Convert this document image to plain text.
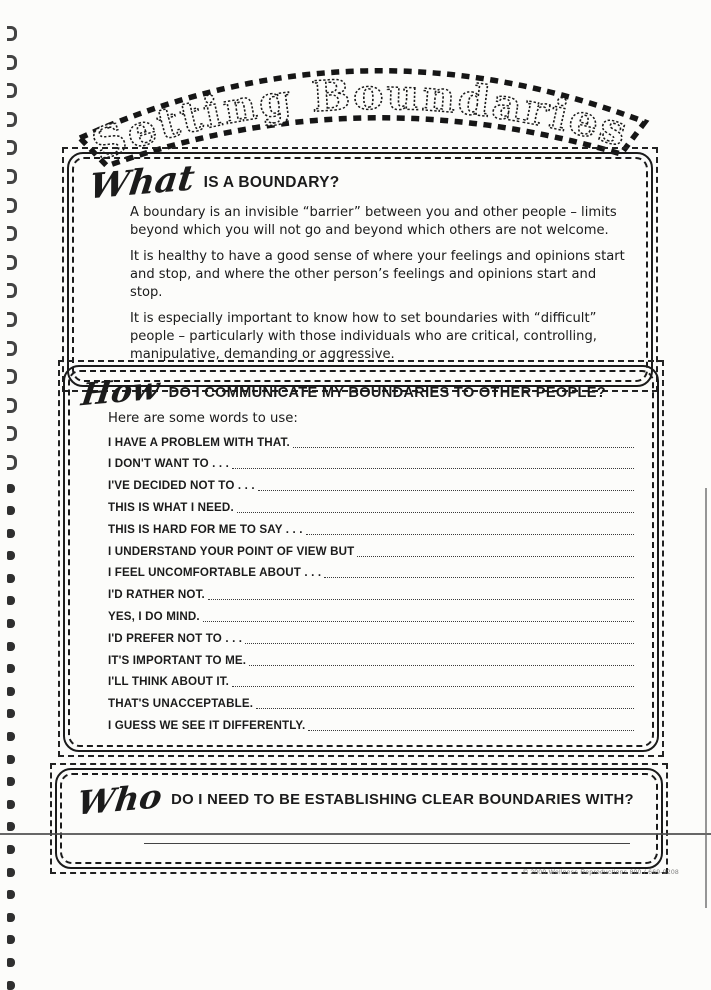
Setting Boundaries
What IS A BOUNDARY?

A boundary is an invisible “barrier” between you and other people – limits beyond which you will not go and beyond which others are not welcome.

It is healthy to have a good sense of where your feelings and opinions start and stop, and where the other person’s feelings and opinions start and stop.

It is especially important to know how to set boundaries with “difficult” people – particularly with those individuals who are critical, controlling, manipulative, demanding or aggressive.

How DO I COMMUNICATE MY BOUNDARIES TO OTHER PEOPLE?
Here are some words to use:
I HAVE A PROBLEM WITH THAT.
I DON'T WANT TO . . .
I'VE DECIDED NOT TO . . .
THIS IS WHAT I NEED.
THIS IS HARD FOR ME TO SAY . . .
I UNDERSTAND YOUR POINT OF VIEW BUT
I FEEL UNCOMFORTABLE ABOUT . . .
I'D RATHER NOT.
YES, I DO MIND.
I'D PREFER NOT TO . . .
IT'S IMPORTANT TO ME.
I'LL THINK ABOUT IT.
THAT'S UNACCEPTABLE.
I GUESS WE SEE IT DIFFERENTLY.
Who DO I NEED TO BE ESTABLISHING CLEAR BOUNDARIES WITH?
© 2000 Wellness Reproductions 800 / 669-9208
